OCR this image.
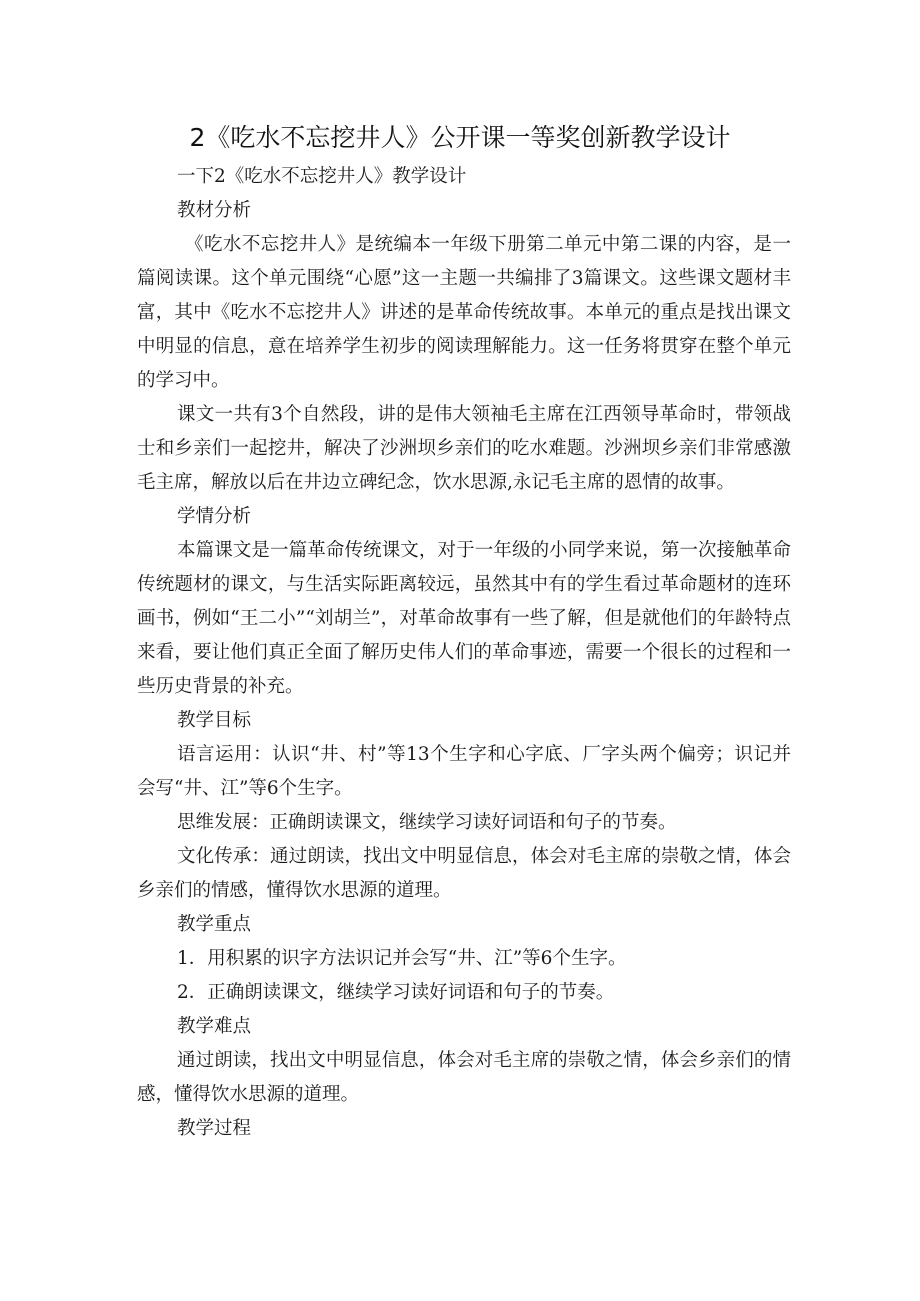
2《吃水不忘挖井人》公开课一等奖创新教学设计

一下2《吃水不忘挖井人》教学设计

教材分析

《吃水不忘挖井人》是统编本一年级下册第二单元中第二课的内容，是一篇阅读课。这个单元围绕“心愿”这一主题一共编排了3篇课文。这些课文题材丰富，其中《吃水不忘挖井人》讲述的是革命传统故事。本单元的重点是找出课文中明显的信息，意在培养学生初步的阅读理解能力。这一任务将贯穿在整个单元的学习中。

课文一共有3个自然段，讲的是伟大领袖毛主席在江西领导革命时，带领战士和乡亲们一起挖井，解决了沙洲坝乡亲们的吃水难题。沙洲坝乡亲们非常感激毛主席，解放以后在井边立碑纪念，饮水思源,永记毛主席的恩情的故事。

学情分析

本篇课文是一篇革命传统课文，对于一年级的小同学来说，第一次接触革命传统题材的课文，与生活实际距离较远，虽然其中有的学生看过革命题材的连环画书，例如“王二小”“刘胡兰”，对革命故事有一些了解，但是就他们的年龄特点来看，要让他们真正全面了解历史伟人们的革命事迹，需要一个很长的过程和一些历史背景的补充。

教学目标

语言运用：认识“井、村”等13个生字和心字底、厂字头两个偏旁；识记并会写“井、江”等6个生字。

思维发展：正确朗读课文，继续学习读好词语和句子的节奏。

文化传承：通过朗读，找出文中明显信息，体会对毛主席的崇敬之情，体会乡亲们的情感，懂得饮水思源的道理。

教学重点

1．用积累的识字方法识记并会写“井、江”等6个生字。

2．正确朗读课文，继续学习读好词语和句子的节奏。

教学难点

通过朗读，找出文中明显信息，体会对毛主席的崇敬之情，体会乡亲们的情感，懂得饮水思源的道理。

教学过程
